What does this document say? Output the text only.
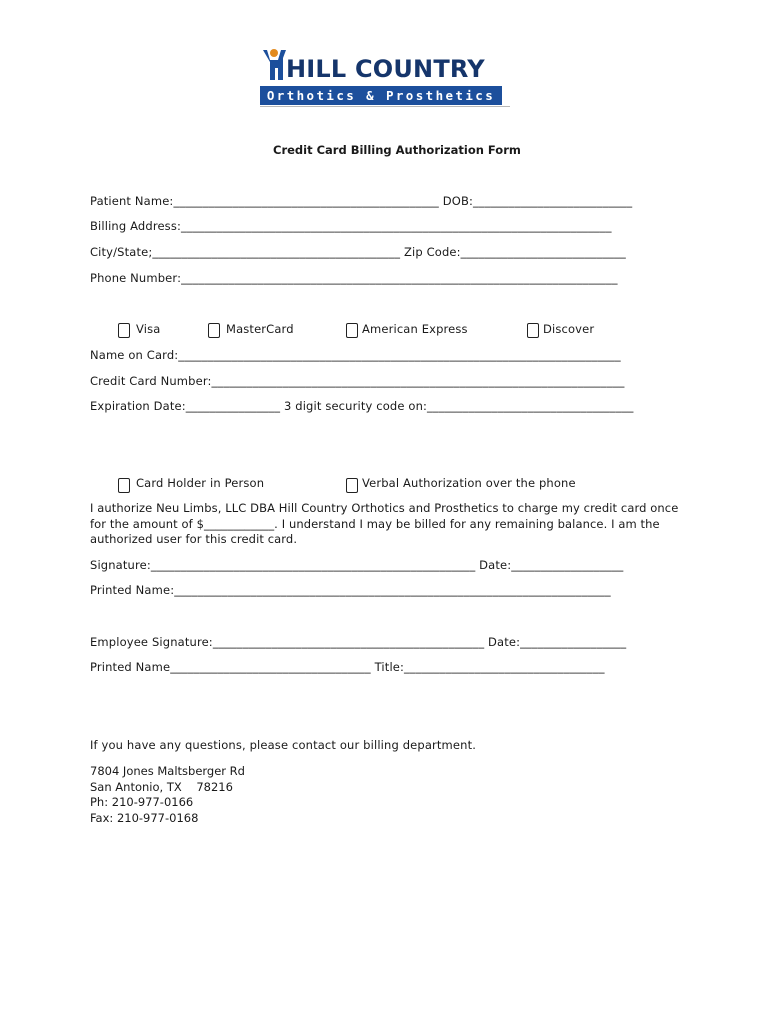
HILL COUNTRY
Orthotics & Prosthetics
Credit Card Billing Authorization Form
Patient Name:_____________________________________________ DOB:___________________________
Billing Address:_________________________________________________________________________
City/State;__________________________________________ Zip Code:____________________________
Phone Number:__________________________________________________________________________
Visa	MasterCard	American Express	Discover
Name on Card:___________________________________________________________________________
Credit Card Number:______________________________________________________________________
Expiration Date:________________ 3 digit security code on:___________________________________
Card Holder in Person	Verbal Authorization over the phone
I authorize Neu Limbs, LLC DBA Hill Country Orthotics and Prosthetics to charge my credit card once for the amount of $____________. I understand I may be billed for any remaining balance. I am the authorized user for this credit card.
Signature:_______________________________________________________ Date:___________________
Printed Name:__________________________________________________________________________
Employee Signature:______________________________________________ Date:__________________
Printed Name__________________________________ Title:__________________________________
If you have any questions, please contact our billing department.
7804 Jones Maltsberger Rd
San Antonio, TX    78216
Ph: 210-977-0166
Fax: 210-977-0168
